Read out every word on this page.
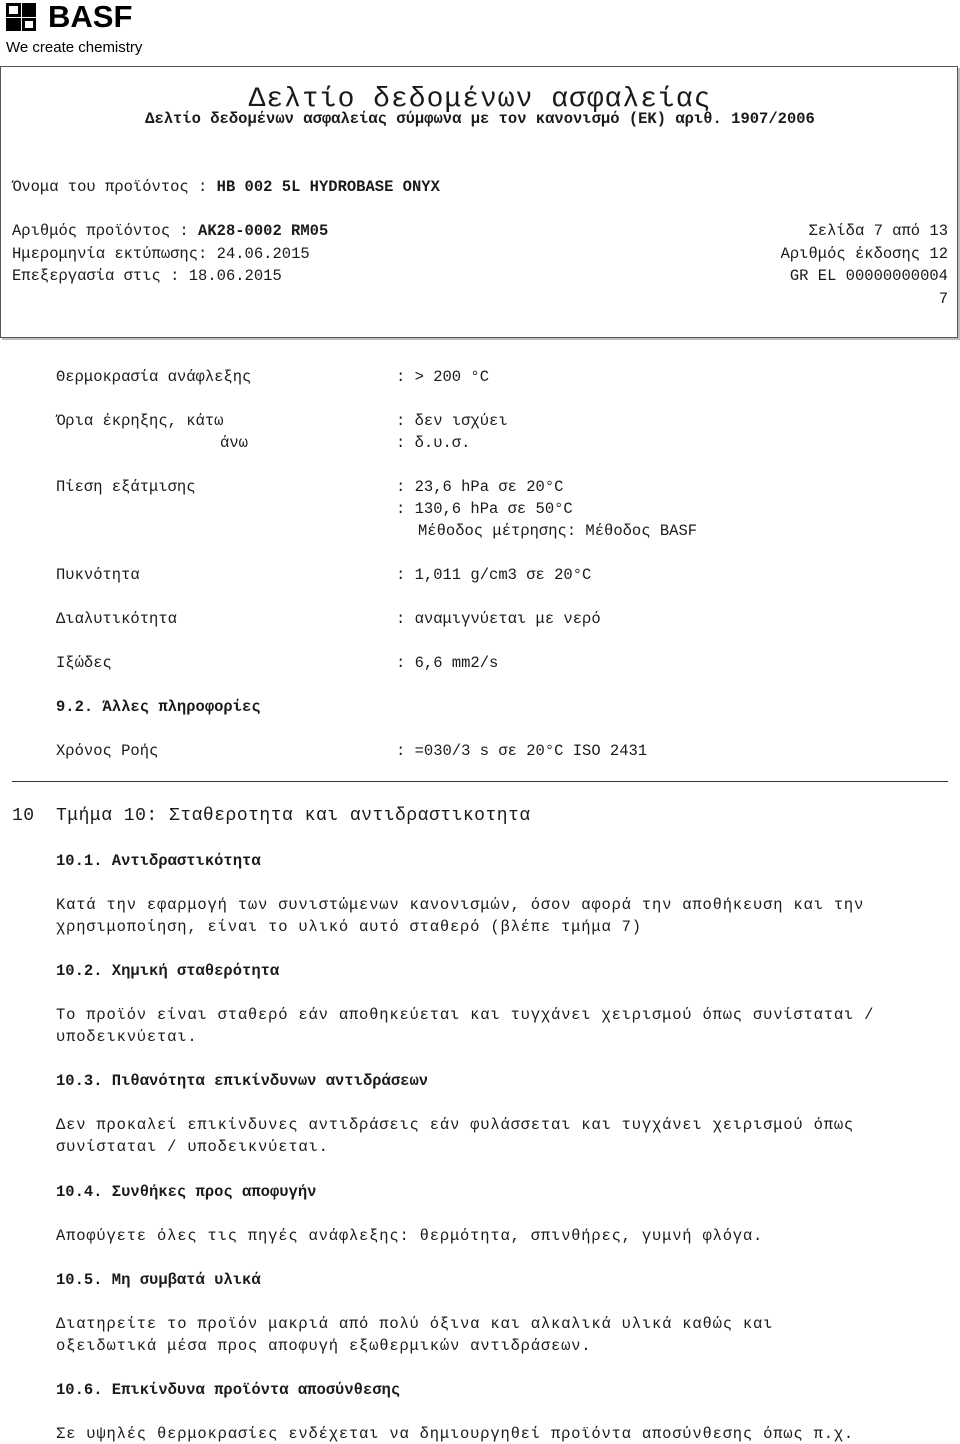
BASF
We create chemistry
Δελτίο δεδομένων ασφαλείας
Δελτίο δεδομένων ασφαλείας σύμφωνα με τον κανονισμό (ΕΚ) αριθ. 1907/2006
Όνομα του προϊόντος : HB 002 5L HYDROBASE ONYX
Αριθμός προϊόντος : AK28-0002 RM05
Ημερομηνία εκτύπωσης: 24.06.2015
Επεξεργασία στις : 18.06.2015
Σελίδα 7 από 13
Αριθμός έκδοσης 12
GR EL 00000000004
7
Θερμοκρασία ανάφλεξης	: > 200 °C
Όρια έκρηξης, κάτω	: δεν ισχύει
άνω	: δ.υ.σ.
Πίεση εξάτμισης	: 23,6 hPa σε 20°C
: 130,6 hPa σε 50°C
Μέθοδος μέτρησης: Μέθοδος BASF
Πυκνότητα	: 1,011 g/cm3 σε 20°C
Διαλυτικότητα	: αναμιγνύεται με νερό
Ιξώδες	: 6,6 mm2/s
9.2. Άλλες πληροφορίες
Χρόνος Ροής	: =030/3 s σε 20°C ISO 2431
10 Τμήμα 10: Σταθεροτητα και αντιδραστικοτητα
10.1. Αντιδραστικότητα
Κατά την εφαρμογή των συνιστώμενων κανονισμών, όσον αφορά την αποθήκευση και την
χρησιμοποίηση, είναι το υλικό αυτό σταθερό (βλέπε τμήμα 7)
10.2. Χημική σταθερότητα
Το προϊόν είναι σταθερό εάν αποθηκεύεται και τυγχάνει χειρισμού όπως συνίσταται /
υποδεικνύεται.
10.3. Πιθανότητα επικίνδυνων αντιδράσεων
Δεν προκαλεί επικίνδυνες αντιδράσεις εάν φυλάσσεται και τυγχάνει χειρισμού όπως
συνίσταται / υποδεικνύεται.
10.4. Συνθήκες προς αποφυγήν
Αποφύγετε όλες τις πηγές ανάφλεξης: θερμότητα, σπινθήρες, γυμνή φλόγα.
10.5. Μη συμβατά υλικά
Διατηρείτε το προϊόν μακριά από πολύ όξινα και αλκαλικά υλικά καθώς και
οξειδωτικά μέσα προς αποφυγή εξωθερμικών αντιδράσεων.
10.6. Επικίνδυνα προϊόντα αποσύνθεσης
Σε υψηλές θερμοκρασίες ενδέχεται να δημιουργηθεί προϊόντα αποσύνθεσης όπως π.χ.
